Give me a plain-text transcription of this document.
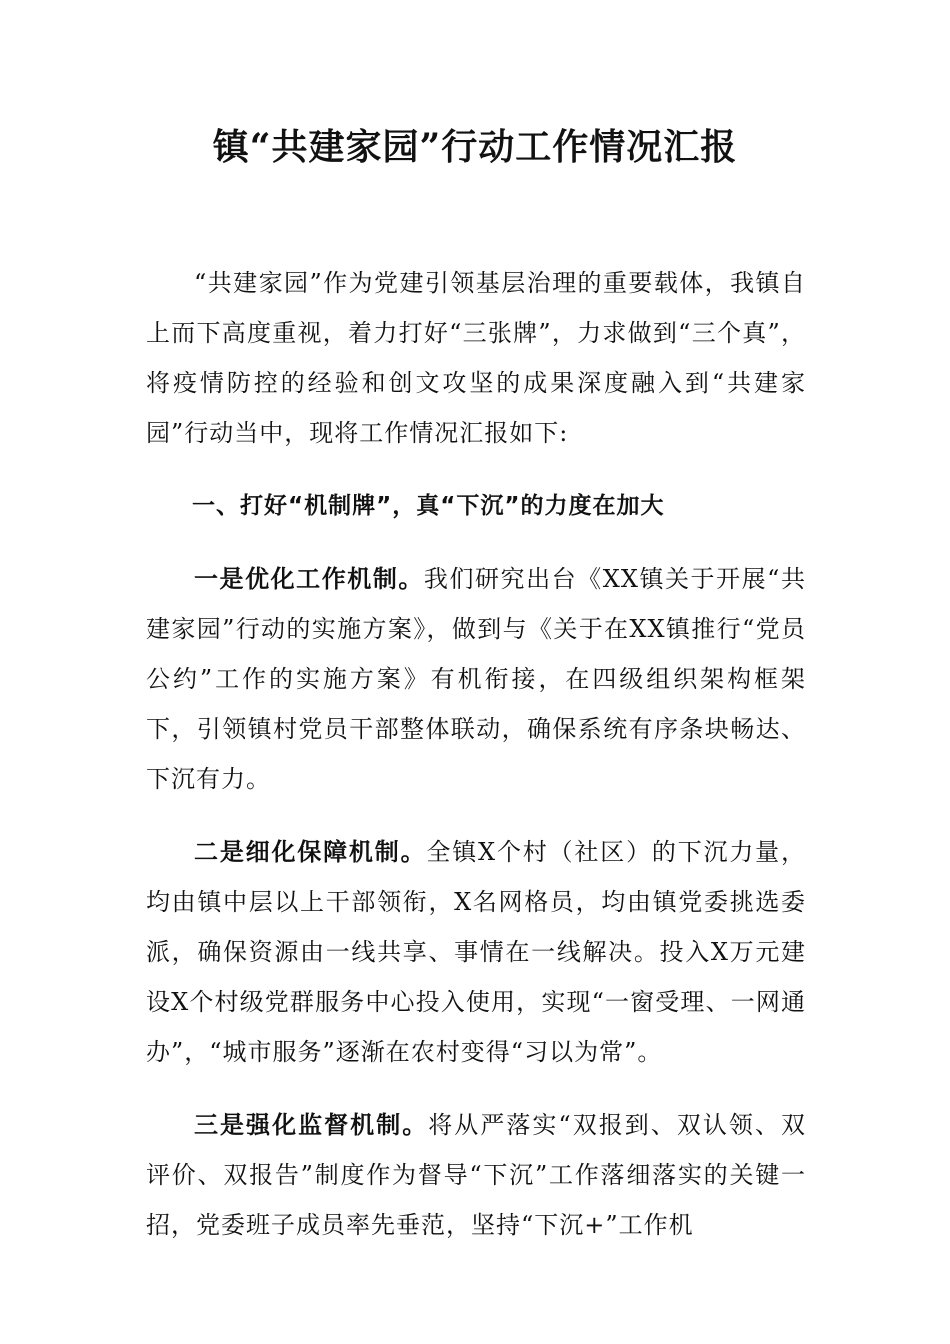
镇“共建家园”行动工作情况汇报

“共建家园”作为党建引领基层治理的重要载体，我镇自上而下高度重视，着力打好“三张牌”，力求做到“三个真”，将疫情防控的经验和创文攻坚的成果深度融入到“共建家园”行动当中，现将工作情况汇报如下:

一、打好“机制牌”，真“下沉”的力度在加大

一是优化工作机制。我们研究出台《XX镇关于开展“共建家园”行动的实施方案》，做到与《关于在XX镇推行“党员公约”工作的实施方案》有机衔接，在四级组织架构框架下，引领镇村党员干部整体联动，确保系统有序条块畅达、下沉有力。

二是细化保障机制。全镇X个村（社区）的下沉力量，均由镇中层以上干部领衔，X名网格员，均由镇党委挑选委派，确保资源由一线共享、事情在一线解决。投入X万元建设X个村级党群服务中心投入使用，实现“一窗受理、一网通办”，“城市服务”逐渐在农村变得“习以为常”。

三是强化监督机制。将从严落实“双报到、双认领、双评价、双报告”制度作为督导“下沉”工作落细落实的关键一招，党委班子成员率先垂范，坚持“下沉+”工作机
